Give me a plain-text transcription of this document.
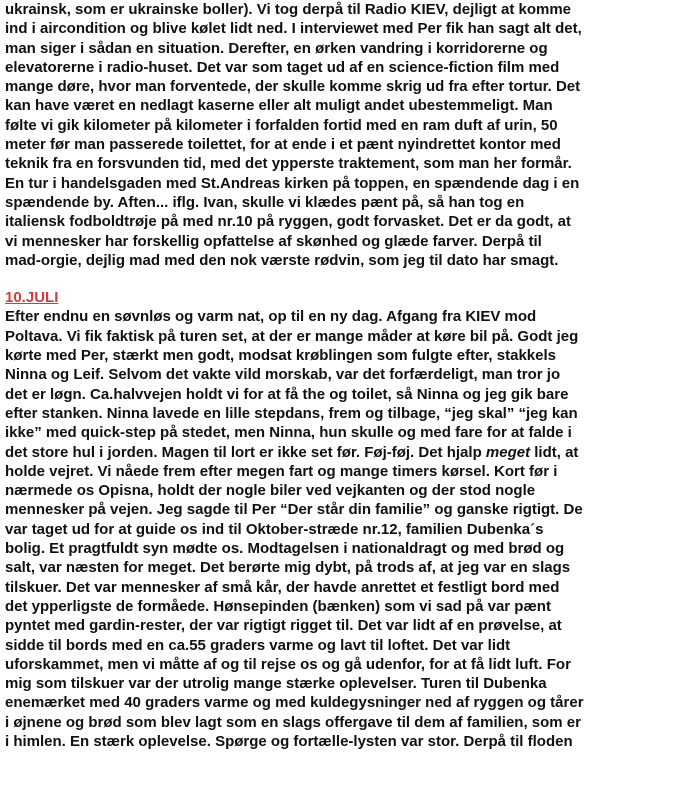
ukrainsk, som er ukrainske boller). Vi tog derpå til Radio KIEV, dejligt at komme
ind i aircondition og blive kølet lidt ned. I interviewet med Per fik han sagt alt det,
man siger i sådan en situation. Derefter, en ørken vandring i korridorerne og
elevatorerne i radio-huset. Det var som taget ud af en science-fiction film med
mange døre, hvor man forventede, der skulle komme skrig ud fra efter tortur. Det
kan have været en nedlagt kaserne eller alt muligt andet ubestemmeligt. Man
følte vi gik kilometer på kilometer i forfalden fortid med en ram duft af urin, 50
meter før man passerede toilettet, for at ende i et pænt nyindrettet kontor med
teknik fra en forsvunden tid, med det ypperste traktement, som man her formår.
En tur i handelsgaden med St.Andreas kirken på toppen, en spændende dag i en
spændende by. Aften... iflg. Ivan, skulle vi klædes pænt på, så han tog en
italiensk fodboldtrøje på med nr.10 på ryggen, godt forvasket. Det er da godt, at
vi mennesker har forskellig opfattelse af skønhed og glæde farver. Derpå til
mad-orgie, dejlig mad med den nok værste rødvin, som jeg til dato har smagt.
10.JULI
Efter endnu en søvnløs og varm nat, op til en ny dag. Afgang fra KIEV mod
Poltava. Vi fik faktisk på turen set, at der er mange måder at køre bil på. Godt jeg
kørte med Per, stærkt men godt, modsat krøblingen som fulgte efter, stakkels
Ninna og Leif. Selvom det vakte vild morskab, var det forfærdeligt, man tror jo
det er løgn. Ca.halvvejen holdt vi for at få the og toilet, så Ninna og jeg gik bare
efter stanken. Ninna lavede en lille stepdans, frem og tilbage, “jeg skal” “jeg kan
ikke” med quick-step på stedet, men Ninna, hun skulle og med fare for at falde i
det store hul i jorden. Magen til lort er ikke set før. Føj-føj. Det hjalp meget lidt, at
holde vejret. Vi nåede frem efter megen fart og mange timers kørsel. Kort før i
nærmede os Opisna, holdt der nogle biler ved vejkanten og der stod nogle
mennesker på vejen. Jeg sagde til Per “Der står din familie” og ganske rigtigt. De
var taget ud for at guide os ind til Oktober-stræde nr.12, familien Dubenka´s
bolig. Et pragtfuldt syn mødte os. Modtagelsen i nationaldragt og med brød og
salt, var næsten for meget. Det berørte mig dybt, på trods af, at jeg var en slags
tilskuer. Det var mennesker af små kår, der havde anrettet et festligt bord med
det ypperligste de formåede. Hønsepinden (bænken) som vi sad på var pænt
pyntet med gardin-rester, der var rigtigt rigget til. Det var lidt af en prøvelse, at
sidde til bords med en ca.55 graders varme og lavt til loftet. Det var lidt
uforskammet, men vi måtte af og til rejse os og gå udenfor, for at få lidt luft. For
mig som tilskuer var der utrolig mange stærke oplevelser. Turen til Dubenka
enemærket med 40 graders varme og med kuldegysninger ned af ryggen og tårer
i øjnene og brød som blev lagt som en slags offergave til dem af familien, som er
i himlen. En stærk oplevelse. Spørge og fortælle-lysten var stor. Derpå til floden
